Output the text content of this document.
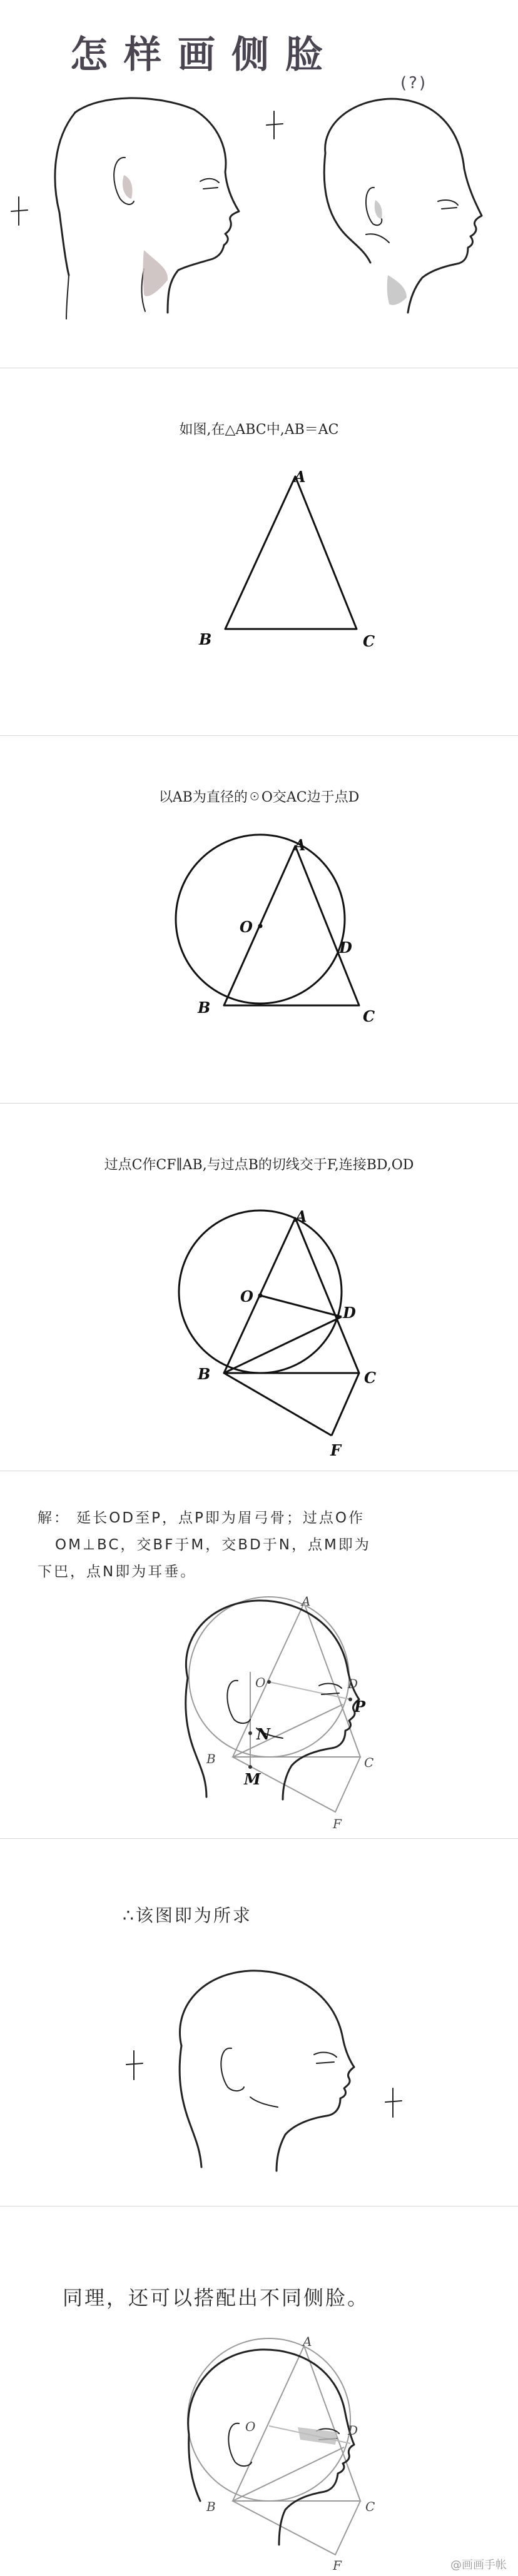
怎样画侧脸
(?)
如图,在△ABC中,AB＝AC
A
B	C
以AB为直径的☉O交AC边于点D
A
B	C
O
D
过点C作CF∥AB,与过点B的切线交于F,连接BD,OD
A
B	C
O
D
F
解： 延长OD至P，点P即为眉弓骨；过点O作
OM⊥BC，交BF于M，交BD于N，点M即为
下巴，点N即为耳垂。
A
B	C
O	D
F
P
N
M
∴该图即为所求
同理，还可以搭配出不同侧脸。
A
B	C
O	D
F	@画画手帐
